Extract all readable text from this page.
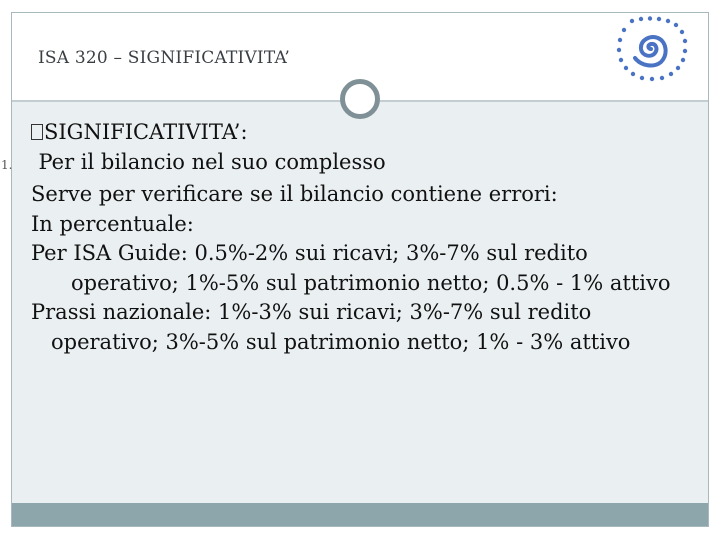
ISA 320 – SIGNIFICATIVITA’

SIGNIFICATIVITA’:

1. Per il bilancio nel suo complesso

Serve per verificare se il bilancio contiene errori:

In percentuale:

Per ISA Guide: 0.5%-2% sui ricavi; 3%-7% sul redito operativo; 1%-5% sul patrimonio netto; 0.5% - 1% attivo

Prassi nazionale: 1%-3% sui ricavi; 3%-7% sul redito operativo; 3%-5% sul patrimonio netto; 1% - 3% attivo
